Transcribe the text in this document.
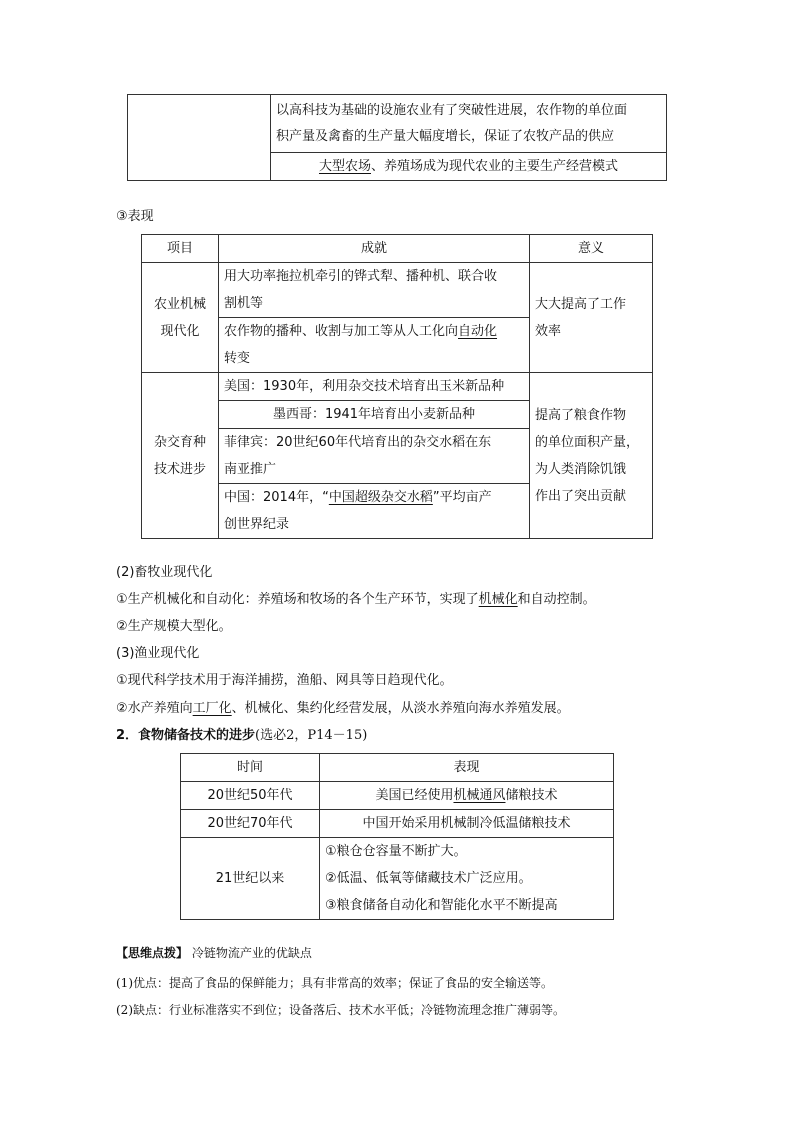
	以高科技为基础的设施农业有了突破性进展，农作物的单位面
积产量及禽畜的生产量大幅度增长，保证了农牧产品的供应
大型农场、养殖场成为现代农业的主要生产经营模式
③表现
项目	成就	意义
农业机械
现代化	用大功率拖拉机牵引的铧式犁、播种机、联合收
割机等	大大提高了工作
效率
	农作物的播种、收割与加工等从人工化向自动化
转变	
杂交育种
技术进步	美国：1930年，利用杂交技术培育出玉米新品种	提高了粮食作物
的单位面积产量，
为人类消除饥饿
作出了突出贡献
	墨西哥：1941年培育出小麦新品种	
	菲律宾：20世纪60年代培育出的杂交水稻在东
南亚推广	
	中国：2014年，“中国超级杂交水稻”平均亩产
创世界纪录	
(2)畜牧业现代化
①生产机械化和自动化：养殖场和牧场的各个生产环节，实现了机械化和自动控制。
②生产规模大型化。
(3)渔业现代化
①现代科学技术用于海洋捕捞，渔船、网具等日趋现代化。
②水产养殖向工厂化、机械化、集约化经营发展，从淡水养殖向海水养殖发展。
2．食物储备技术的进步(选必2，P14－15)
时间	表现
20世纪50年代	美国已经使用机械通风储粮技术
20世纪70年代	中国开始采用机械制冷低温储粮技术
21世纪以来	①粮仓仓容量不断扩大。
②低温、低氧等储藏技术广泛应用。
③粮食储备自动化和智能化水平不断提高
【思维点拨】 冷链物流产业的优缺点
(1)优点：提高了食品的保鲜能力；具有非常高的效率；保证了食品的安全输送等。
(2)缺点：行业标准落实不到位；设备落后、技术水平低；冷链物流理念推广薄弱等。
